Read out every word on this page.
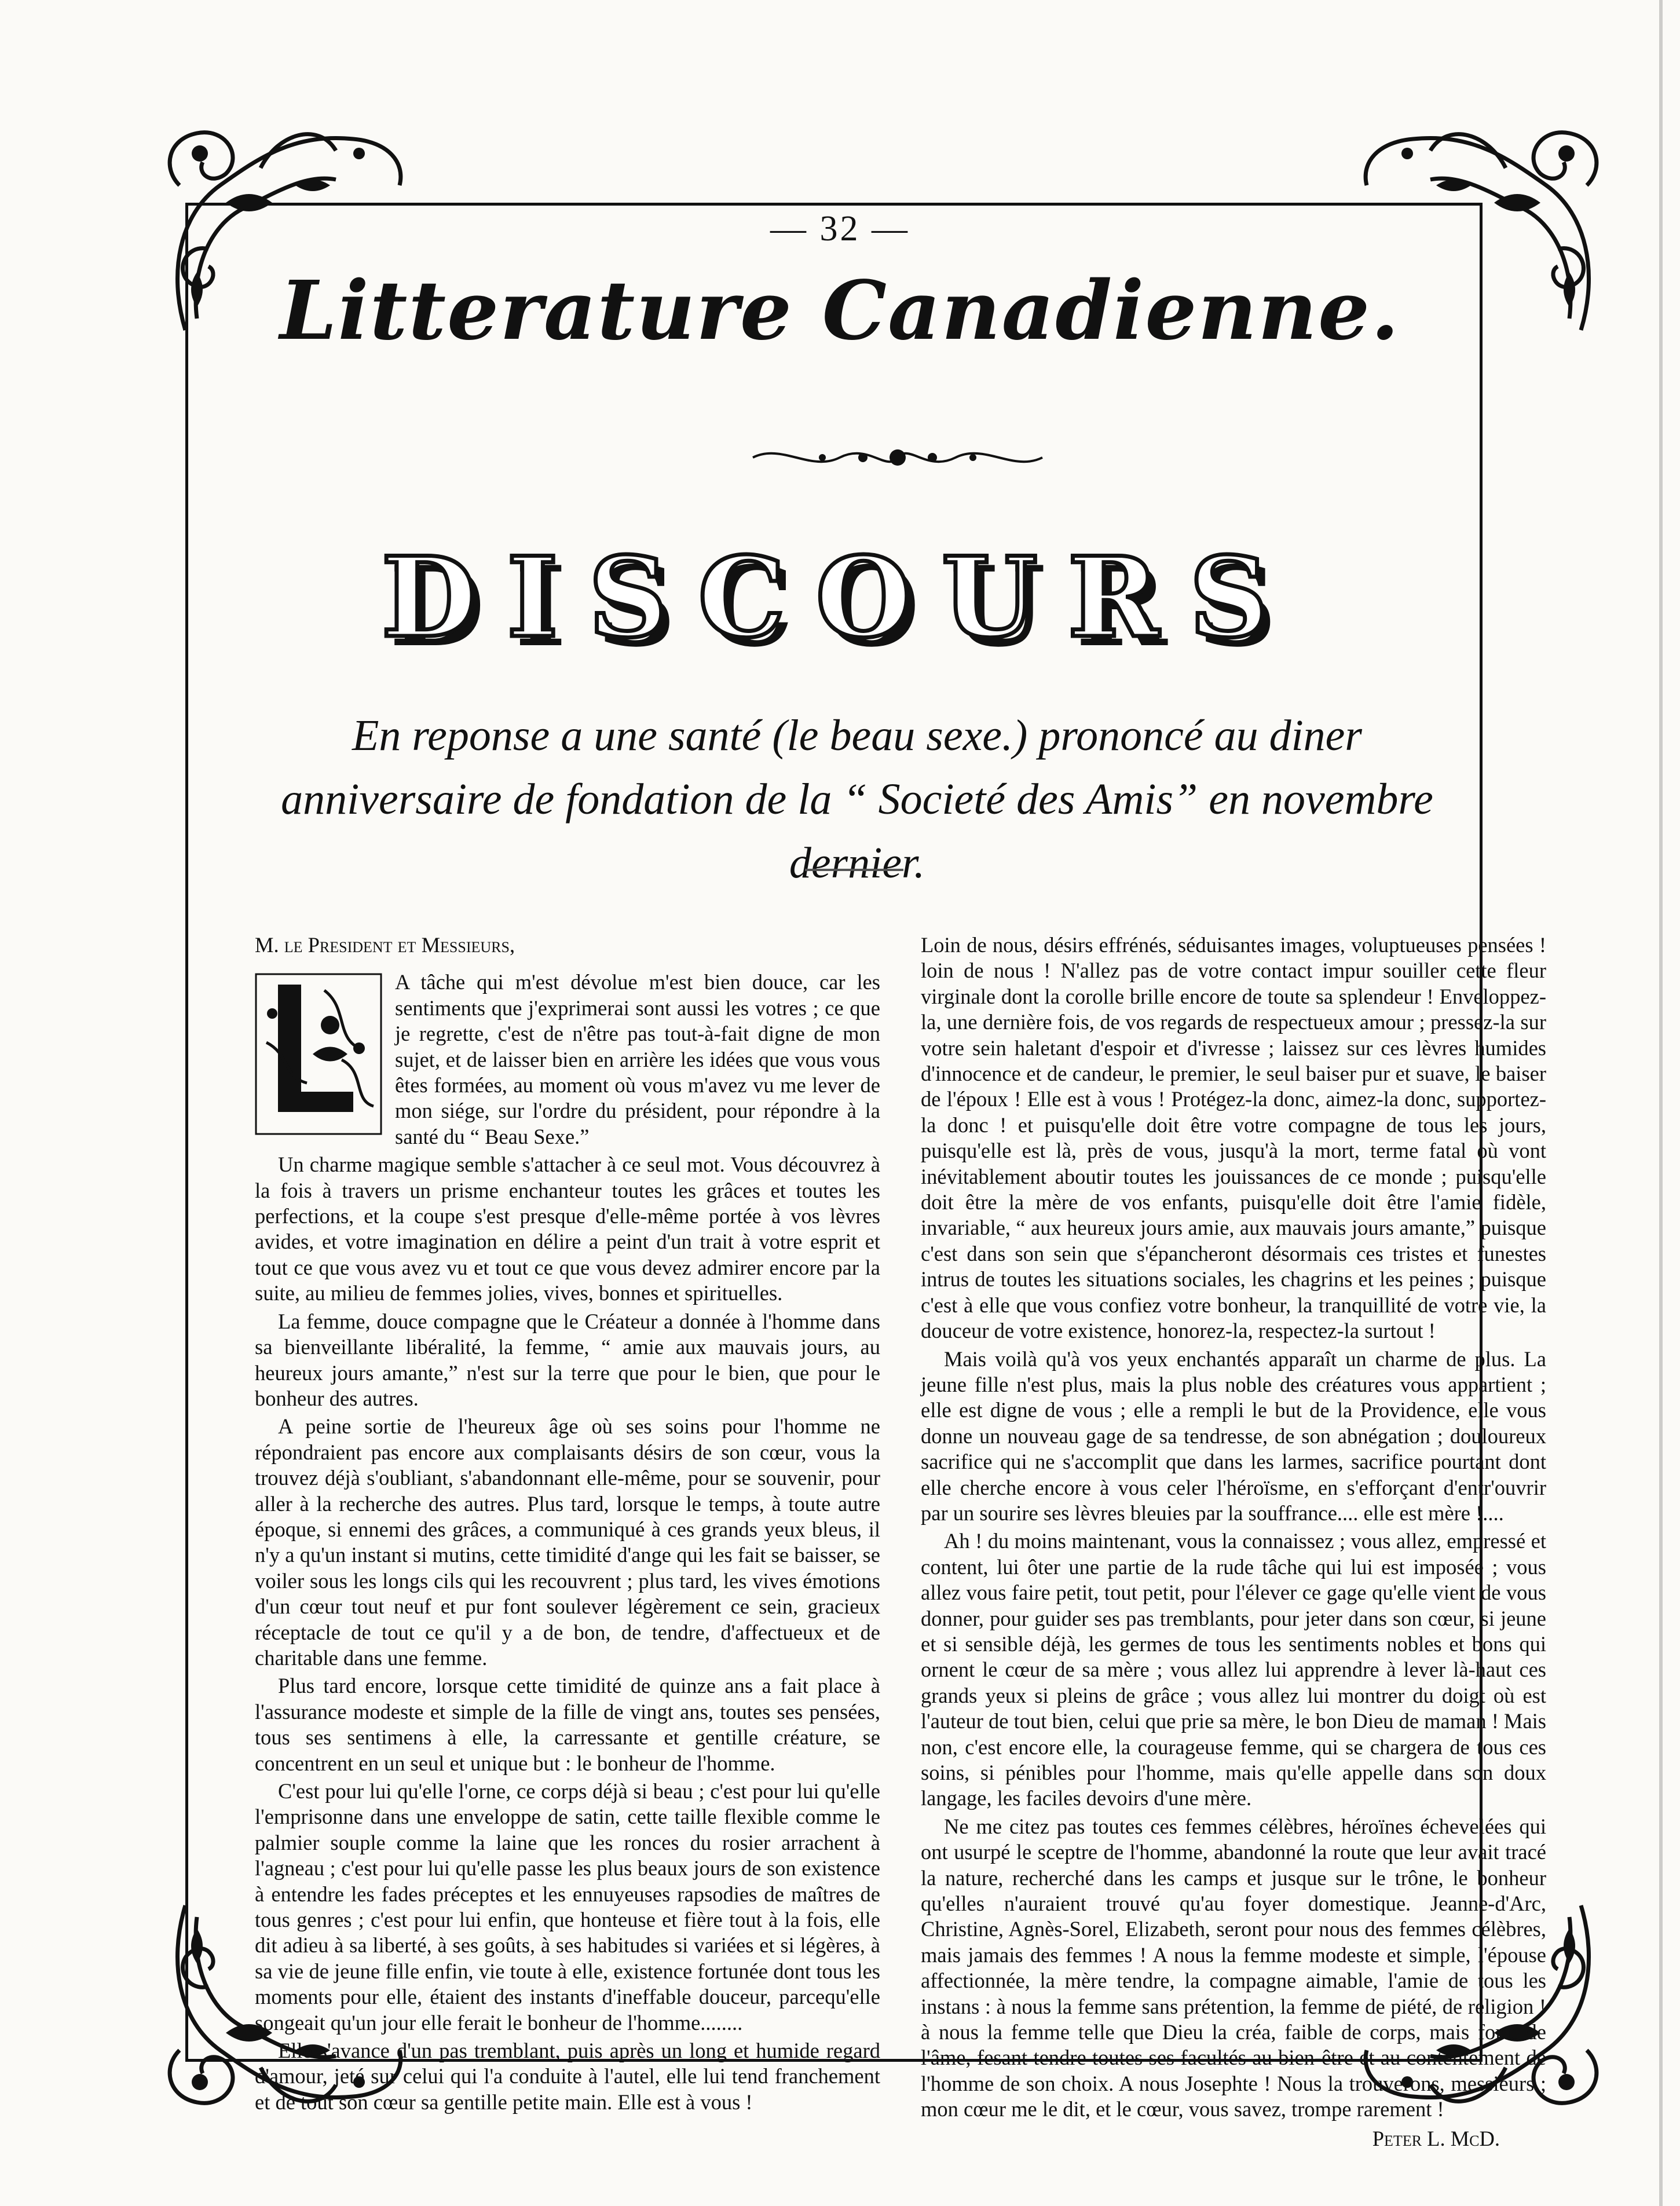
— 32 —
Litterature Canadienne.
DISCOURS
En reponse a une santé (le beau sexe.) prononcé au diner anniversaire de fondation de la “ Societé des Amis” en novembre dernier.

M. le President et Messieurs,

A tâche qui m'est dévolue m'est bien douce, car les sentiments que j'exprimerai sont aussi les votres ; ce que je regrette, c'est de n'être pas tout-à-fait digne de mon sujet, et de laisser bien en arrière les idées que vous vous êtes formées, au moment où vous m'avez vu me lever de mon siége, sur l'ordre du président, pour répondre à la santé du “ Beau Sexe.”

Un charme magique semble s'attacher à ce seul mot. Vous découvrez à la fois à travers un prisme enchanteur toutes les grâces et toutes les perfections, et la coupe s'est presque d'elle-même portée à vos lèvres avides, et votre imagination en délire a peint d'un trait à votre esprit et tout ce que vous avez vu et tout ce que vous devez admirer encore par la suite, au milieu de femmes jolies, vives, bonnes et spirituelles.

La femme, douce compagne que le Créateur a donnée à l'homme dans sa bienveillante libéralité, la femme, “ amie aux mauvais jours, au heureux jours amante,” n'est sur la terre que pour le bien, que pour le bonheur des autres.

A peine sortie de l'heureux âge où ses soins pour l'homme ne répondraient pas encore aux complaisants désirs de son cœur, vous la trouvez déjà s'oubliant, s'abandonnant elle-même, pour se souvenir, pour aller à la recherche des autres. Plus tard, lorsque le temps, à toute autre époque, si ennemi des grâces, a communiqué à ces grands yeux bleus, il n'y a qu'un instant si mutins, cette timidité d'ange qui les fait se baisser, se voiler sous les longs cils qui les recouvrent ; plus tard, les vives émotions d'un cœur tout neuf et pur font soulever légèrement ce sein, gracieux réceptacle de tout ce qu'il y a de bon, de tendre, d'affectueux et de charitable dans une femme.

Plus tard encore, lorsque cette timidité de quinze ans a fait place à l'assurance modeste et simple de la fille de vingt ans, toutes ses pensées, tous ses sentimens à elle, la carressante et gentille créature, se concentrent en un seul et unique but : le bonheur de l'homme.

C'est pour lui qu'elle l'orne, ce corps déjà si beau ; c'est pour lui qu'elle l'emprisonne dans une enveloppe de satin, cette taille flexible comme le palmier souple comme la laine que les ronces du rosier arrachent à l'agneau ; c'est pour lui qu'elle passe les plus beaux jours de son existence à entendre les fades préceptes et les ennuyeuses rapsodies de maîtres de tous genres ; c'est pour lui enfin, que honteuse et fière tout à la fois, elle dit adieu à sa liberté, à ses goûts, à ses habitudes si variées et si légères, à sa vie de jeune fille enfin, vie toute à elle, existence fortunée dont tous les moments pour elle, étaient des instants d'ineffable douceur, parcequ'elle songeait qu'un jour elle ferait le bonheur de l'homme........

Elle s'avance d'un pas tremblant, puis après un long et humide regard d'amour, jeté sur celui qui l'a conduite à l'autel, elle lui tend franchement et de tout son cœur sa gentille petite main. Elle est à vous !

Loin de nous, désirs effrénés, séduisantes images, voluptueuses pensées ! loin de nous ! N'allez pas de votre contact impur souiller cette fleur virginale dont la corolle brille encore de toute sa splendeur ! Enveloppez-la, une dernière fois, de vos regards de respectueux amour ; pressez-la sur votre sein haletant d'espoir et d'ivresse ; laissez sur ces lèvres humides d'innocence et de candeur, le premier, le seul baiser pur et suave, le baiser de l'époux ! Elle est à vous ! Protégez-la donc, aimez-la donc, supportez-la donc ! et puisqu'elle doit être votre compagne de tous les jours, puisqu'elle est là, près de vous, jusqu'à la mort, terme fatal où vont inévitablement aboutir toutes les jouissances de ce monde ; puisqu'elle doit être la mère de vos enfants, puisqu'elle doit être l'amie fidèle, invariable, “ aux heureux jours amie, aux mauvais jours amante,” puisque c'est dans son sein que s'épancheront désormais ces tristes et funestes intrus de toutes les situations sociales, les chagrins et les peines ; puisque c'est à elle que vous confiez votre bonheur, la tranquillité de votre vie, la douceur de votre existence, honorez-la, respectez-la surtout !

Mais voilà qu'à vos yeux enchantés apparaît un charme de plus. La jeune fille n'est plus, mais la plus noble des créatures vous appartient ; elle est digne de vous ; elle a rempli le but de la Providence, elle vous donne un nouveau gage de sa tendresse, de son abnégation ; douloureux sacrifice qui ne s'accomplit que dans les larmes, sacrifice pourtant dont elle cherche encore à vous celer l'héroïsme, en s'efforçant d'entr'ouvrir par un sourire ses lèvres bleuies par la souffrance.... elle est mère !....

Ah ! du moins maintenant, vous la connaissez ; vous allez, empressé et content, lui ôter une partie de la rude tâche qui lui est imposée ; vous allez vous faire petit, tout petit, pour l'élever ce gage qu'elle vient de vous donner, pour guider ses pas tremblants, pour jeter dans son cœur, si jeune et si sensible déjà, les germes de tous les sentiments nobles et bons qui ornent le cœur de sa mère ; vous allez lui apprendre à lever là-haut ces grands yeux si pleins de grâce ; vous allez lui montrer du doigt où est l'auteur de tout bien, celui que prie sa mère, le bon Dieu de maman ! Mais non, c'est encore elle, la courageuse femme, qui se chargera de tous ces soins, si pénibles pour l'homme, mais qu'elle appelle dans son doux langage, les faciles devoirs d'une mère.

Ne me citez pas toutes ces femmes célèbres, héroïnes échevelées qui ont usurpé le sceptre de l'homme, abandonné la route que leur avait tracé la nature, recherché dans les camps et jusque sur le trône, le bonheur qu'elles n'auraient trouvé qu'au foyer domestique. Jeanne-d'Arc, Christine, Agnès-Sorel, Elizabeth, seront pour nous des femmes célèbres, mais jamais des femmes ! A nous la femme modeste et simple, l'épouse affectionnée, la mère tendre, la compagne aimable, l'amie de tous les instans : à nous la femme sans prétention, la femme de piété, de religion ! à nous la femme telle que Dieu la créa, faible de corps, mais forte de l'âme, fesant tendre toutes ses facultés au bien-être et au contentement de l'homme de son choix. A nous Josephte ! Nous la trouverons, messieurs ; mon cœur me le dit, et le cœur, vous savez, trompe rarement !

Peter L. McD.
